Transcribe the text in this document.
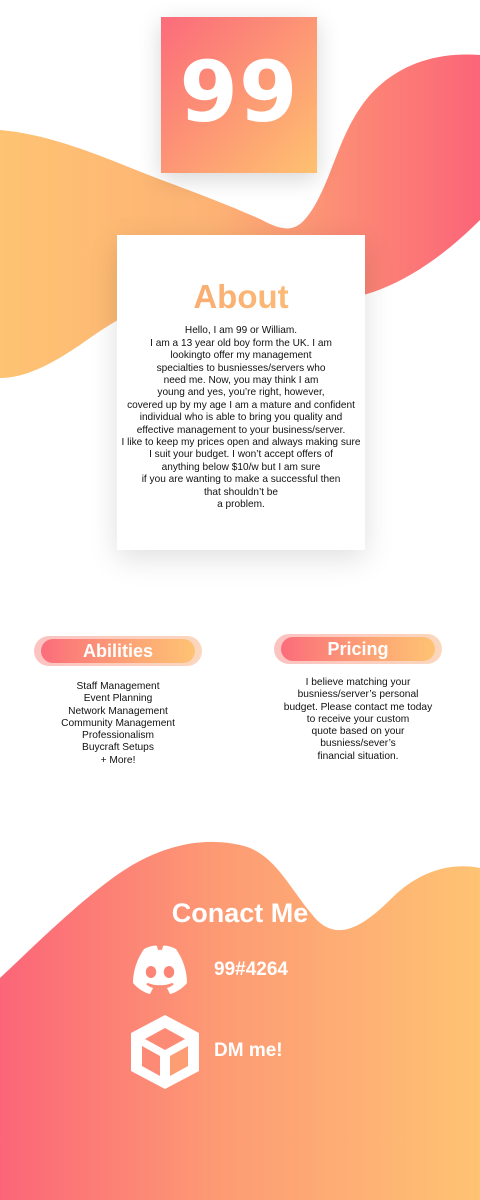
99
About
Hello, I am 99 or William.
I am a 13 year old boy form the UK. I am
lookingto offer my management
specialties to busniesses/servers who
need me. Now, you may think I am
young and yes, you’re right, however,
covered up by my age I am a mature and confident
individual who is able to bring you quality and
effective management to your business/server.
I like to keep my prices open and always making sure
I suit your budget. I won’t accept offers of
anything below $10/w but I am sure
if you are wanting to make a successful then
that shouldn’t be
a problem.
Abilities
Staff Management
Event Planning
Network Management
Community Management
Professionalism
Buycraft Setups
+ More!
Pricing
I believe matching your
busniess/server’s personal
budget. Please contact me today
to receive your custom
quote based on your
busniess/sever’s
financial situation.
Conact Me
99#4264
DM me!
